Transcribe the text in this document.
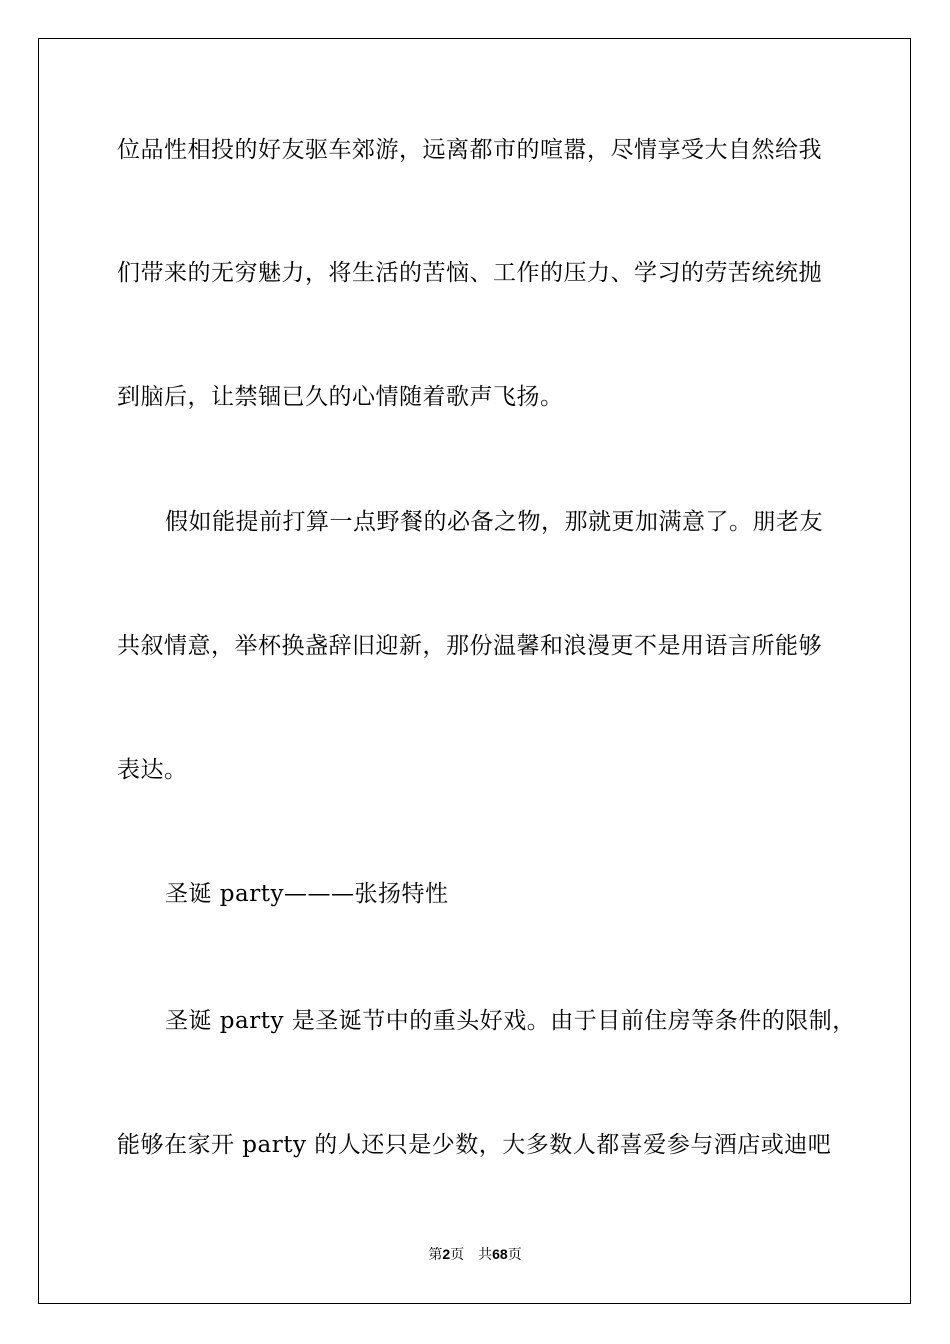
位品性相投的好友驱车郊游，远离都市的喧嚣，尽情享受大自然给我
们带来的无穷魅力，将生活的苦恼、工作的压力、学习的劳苦统统抛
到脑后，让禁锢已久的心情随着歌声飞扬。
假如能提前打算一点野餐的必备之物，那就更加满意了。朋老友
共叙情意，举杯换盏辞旧迎新，那份温馨和浪漫更不是用语言所能够
表达。
圣诞 party———张扬特性
圣诞 party 是圣诞节中的重头好戏。由于目前住房等条件的限制，
能够在家开 party 的人还只是少数，大多数人都喜爱参与酒店或迪吧
第2页 共68页
